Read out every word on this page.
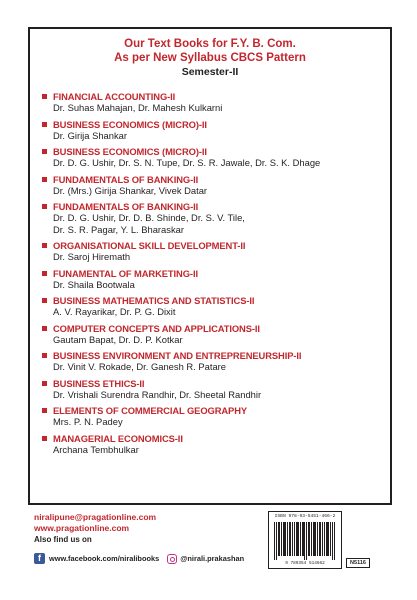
Our Text Books for F.Y. B. Com.
As per New Syllabus CBCS Pattern
Semester-II
FINANCIAL ACCOUNTING-II
Dr. Suhas Mahajan, Dr. Mahesh Kulkarni
BUSINESS ECONOMICS (MICRO)-II
Dr. Girija Shankar
BUSINESS ECONOMICS (MICRO)-II
Dr. D. G. Ushir, Dr. S. N. Tupe, Dr. S. R. Jawale, Dr. S. K. Dhage
FUNDAMENTALS OF BANKING-II
Dr. (Mrs.) Girija Shankar, Vivek Datar
FUNDAMENTALS OF BANKING-II
Dr. D. G. Ushir, Dr. D. B. Shinde, Dr. S. V. Tile,
Dr. S. R. Pagar, Y. L. Bharaskar
ORGANISATIONAL SKILL DEVELOPMENT-II
Dr. Saroj Hiremath
FUNAMENTAL OF MARKETING-II
Dr. Shaila Bootwala
BUSINESS MATHEMATICS AND STATISTICS-II
A. V. Rayarikar, Dr. P. G. Dixit
COMPUTER CONCEPTS AND APPLICATIONS-II
Gautam Bapat, Dr. D. P. Kotkar
BUSINESS ENVIRONMENT AND ENTREPRENEURSHIP-II
Dr. Vinit V. Rokade, Dr. Ganesh R. Patare
BUSINESS ETHICS-II
Dr. Vrishali Surendra Randhir, Dr. Sheetal Randhir
ELEMENTS OF COMMERCIAL GEOGRAPHY
Mrs. P. N. Padey
MANAGERIAL ECONOMICS-II
Archana Tembhulkar
niralipune@pragationline.com
www.pragationline.com
Also find us on
f	www.facebook.com/niralibooks	@nirali.prakashan
ISBN 978-93-5451-466-2
9 789354 514662	N5116
